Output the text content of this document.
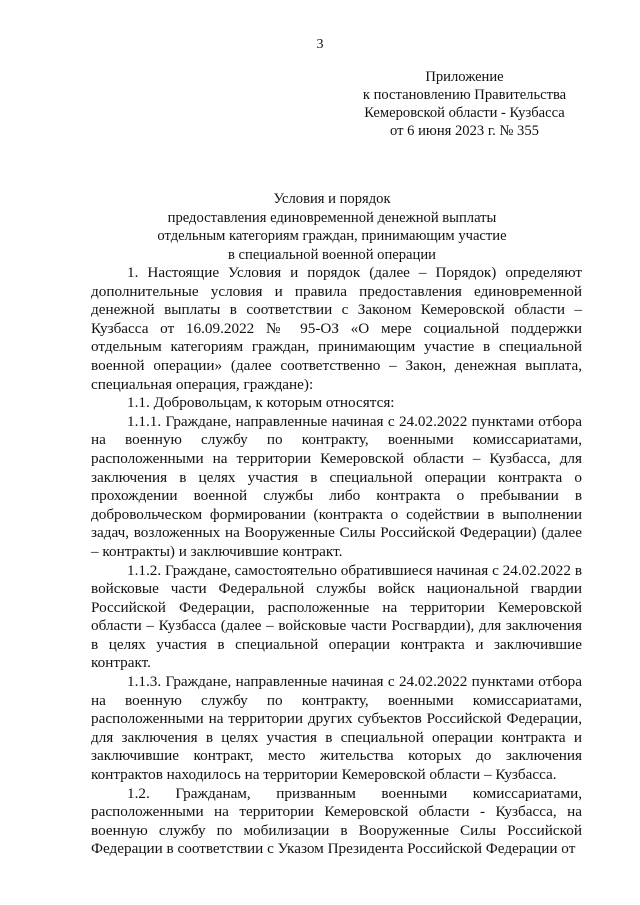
3
Приложение
к постановлению Правительства
Кемеровской области - Кузбасса
от 6 июня 2023 г. № 355
Условия и порядок
предоставления единовременной денежной выплаты
отдельным категориям граждан, принимающим участие
в специальной военной операции

1. Настоящие Условия и порядок (далее – Порядок) определяют дополнительные условия и правила предоставления единовременной денежной выплаты в соответствии с Законом Кемеровской области – Кузбасса от 16.09.2022 № 95-ОЗ «О мере социальной поддержки отдельным категориям граждан, принимающим участие в специальной военной операции» (далее соответственно – Закон, денежная выплата, специальная операция, граждане):

1.1. Добровольцам, к которым относятся:

1.1.1. Граждане, направленные начиная с 24.02.2022 пунктами отбора на военную службу по контракту, военными комиссариатами, расположенными на территории Кемеровской области – Кузбасса, для заключения в целях участия в специальной операции контракта о прохождении военной службы либо контракта о пребывании в добровольческом формировании (контракта о содействии в выполнении задач, возложенных на Вооруженные Силы Российской Федерации) (далее – контракты) и заключившие контракт.

1.1.2. Граждане, самостоятельно обратившиеся начиная с 24.02.2022 в войсковые части Федеральной службы войск национальной гвардии Российской Федерации, расположенные на территории Кемеровской области – Кузбасса (далее – войсковые части Росгвардии), для заключения в целях участия в специальной операции контракта и заключившие контракт.

1.1.3. Граждане, направленные начиная с 24.02.2022 пунктами отбора на военную службу по контракту, военными комиссариатами, расположенными на территории других субъектов Российской Федерации, для заключения в целях участия в специальной операции контракта и заключившие контракт, место жительства которых до заключения контрактов находилось на территории Кемеровской области – Кузбасса.

1.2. Гражданам, призванным военными комиссариатами, расположенными на территории Кемеровской области - Кузбасса, на военную службу по мобилизации в Вооруженные Силы Российской Федерации в соответствии с Указом Президента Российской Федерации от
